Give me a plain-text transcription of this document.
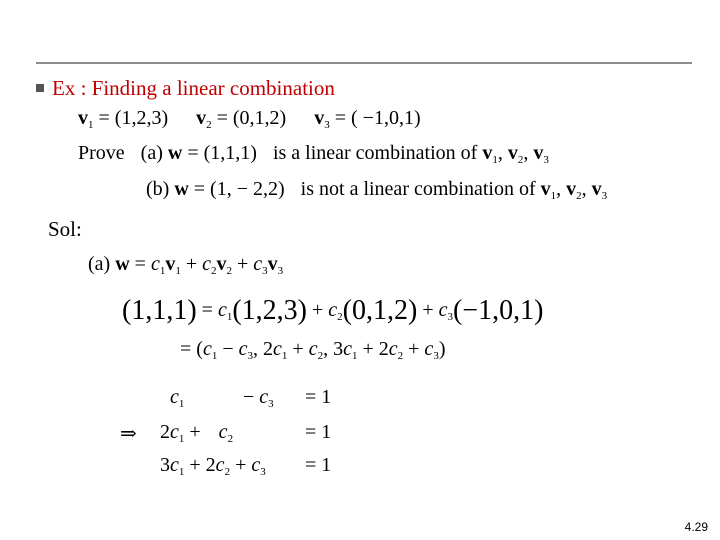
Ex : Finding a linear combination
$v_1 = (1,2,3) v_2 = (0,1,2) v_3$ = ( −1,0,1)
Prove (a) w = (1,1,1) is a linear combination of $v_1$, $v_2$, $v_3$
(b) w = (1, − 2,2) is not a linear combination of $v_1$, $v_2$, $v_3$
Sol:
(a) $w = c_1v_1 + c_2v_2 + c_3v_3$
$(1,1,1) = c_1(1,2,3) + c_2(0,1,2) + c_3(-1,0,1)$
= ($c_1 - c_3$, $2c_1 + c_2$, $3c_1 + 2c_2 + c_3$)
⇒
$c_1$	− $c_3 = 1$
$2c_1 + c_2$	= 1
$3c_1 + 2c_2 + c_3 = 1$
4.29
